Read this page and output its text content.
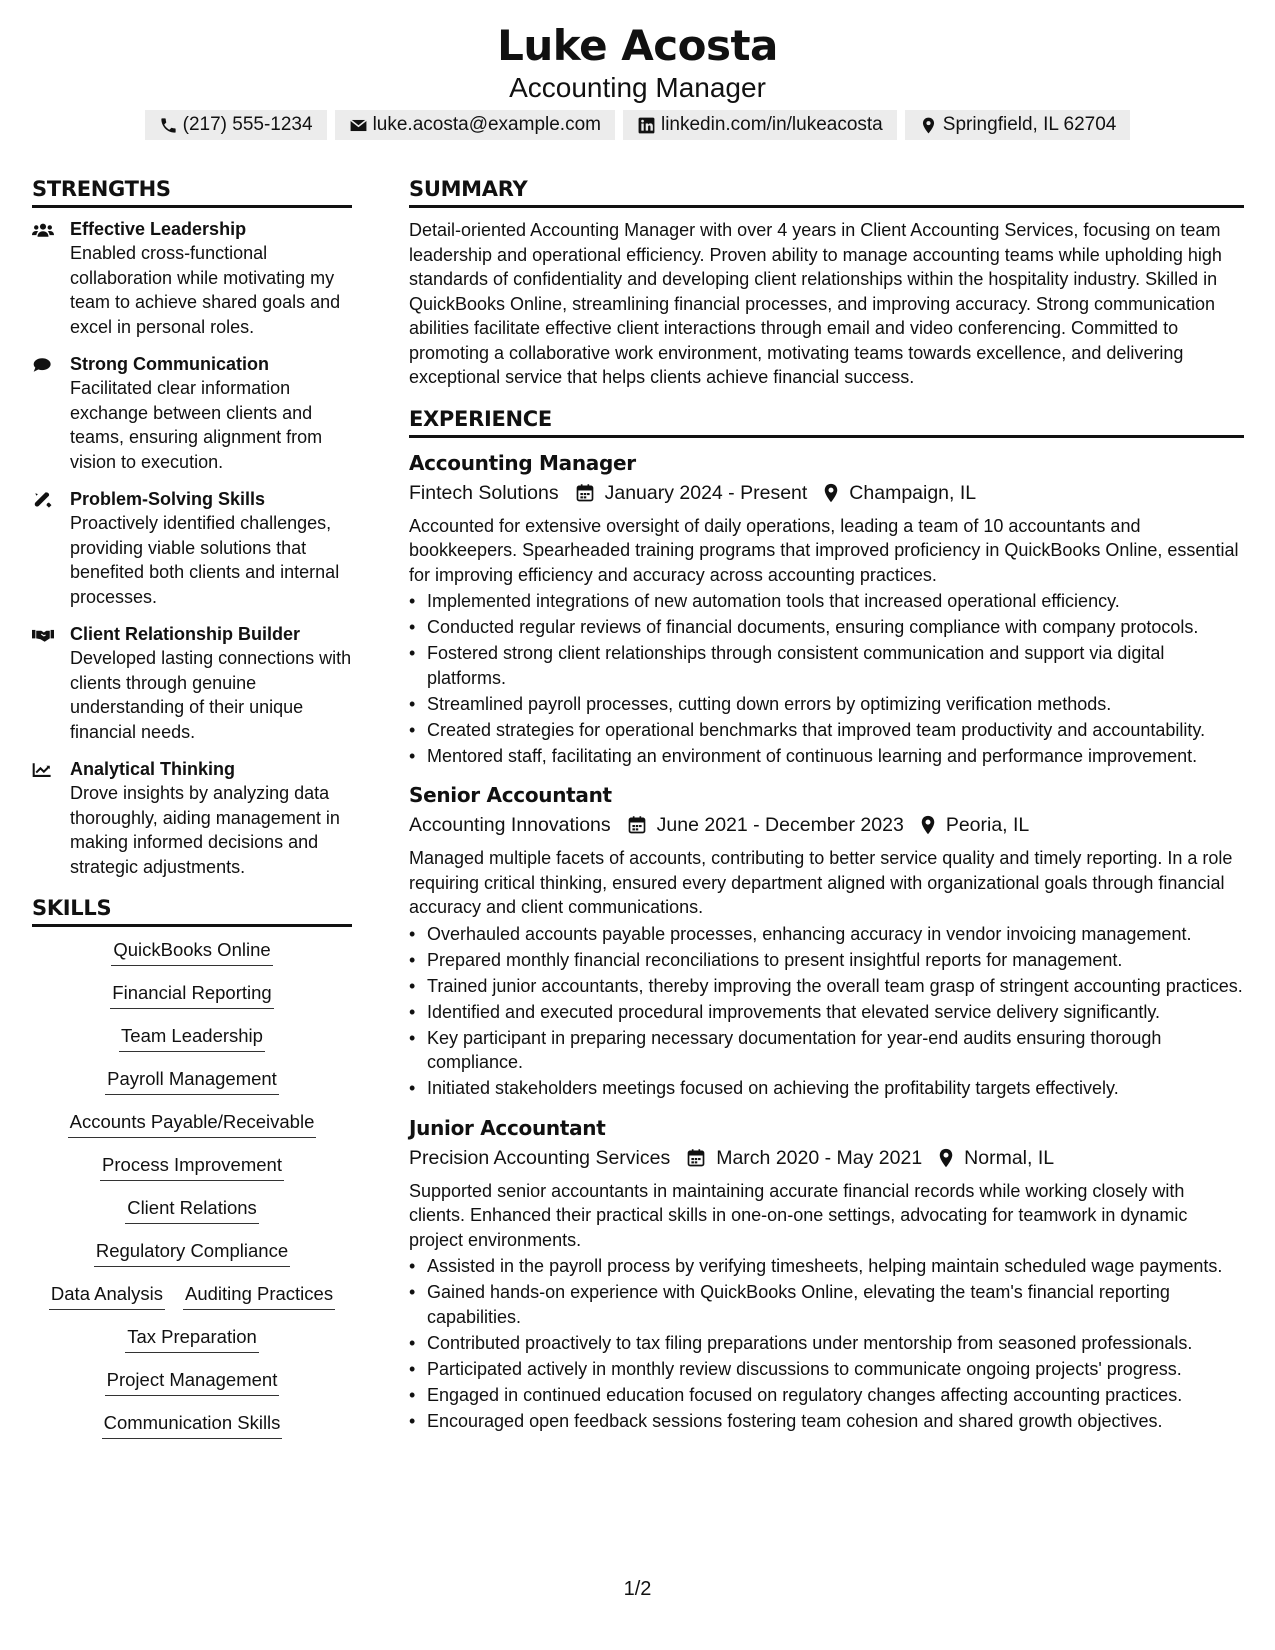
Luke Acosta
Accounting Manager
(217) 555-1234	luke.acosta@example.com	linkedin.com/in/lukeacosta	Springfield, IL 62704
STRENGTHS
Effective Leadership
Enabled cross-functional collaboration while motivating my team to achieve shared goals and excel in personal roles.
Strong Communication
Facilitated clear information exchange between clients and teams, ensuring alignment from vision to execution.
Problem-Solving Skills
Proactively identified challenges, providing viable solutions that benefited both clients and internal processes.
Client Relationship Builder
Developed lasting connections with clients through genuine understanding of their unique financial needs.
Analytical Thinking
Drove insights by analyzing data thoroughly, aiding management in making informed decisions and strategic adjustments.
SKILLS
QuickBooks Online
Financial Reporting
Team Leadership
Payroll Management
Accounts Payable/Receivable
Process Improvement
Client Relations
Regulatory Compliance
Data Analysis Auditing Practices
Tax Preparation
Project Management
Communication Skills
SUMMARY
Detail-oriented Accounting Manager with over 4 years in Client Accounting Services, focusing on team leadership and operational efficiency. Proven ability to manage accounting teams while upholding high standards of confidentiality and developing client relationships within the hospitality industry. Skilled in QuickBooks Online, streamlining financial processes, and improving accuracy. Strong communication abilities facilitate effective client interactions through email and video conferencing. Committed to promoting a collaborative work environment, motivating teams towards excellence, and delivering exceptional service that helps clients achieve financial success.
EXPERIENCE
Accounting Manager
Fintech Solutions January 2024 - Present Champaign, IL
Accounted for extensive oversight of daily operations, leading a team of 10 accountants and bookkeepers. Spearheaded training programs that improved proficiency in QuickBooks Online, essential for improving efficiency and accuracy across accounting practices.
• Implemented integrations of new automation tools that increased operational efficiency.
• Conducted regular reviews of financial documents, ensuring compliance with company protocols.
• Fostered strong client relationships through consistent communication and support via digital platforms.
• Streamlined payroll processes, cutting down errors by optimizing verification methods.
• Created strategies for operational benchmarks that improved team productivity and accountability.
• Mentored staff, facilitating an environment of continuous learning and performance improvement.
Senior Accountant
Accounting Innovations June 2021 - December 2023 Peoria, IL
Managed multiple facets of accounts, contributing to better service quality and timely reporting. In a role requiring critical thinking, ensured every department aligned with organizational goals through financial accuracy and client communications.
• Overhauled accounts payable processes, enhancing accuracy in vendor invoicing management.
• Prepared monthly financial reconciliations to present insightful reports for management.
• Trained junior accountants, thereby improving the overall team grasp of stringent accounting practices.
• Identified and executed procedural improvements that elevated service delivery significantly.
• Key participant in preparing necessary documentation for year-end audits ensuring thorough compliance.
• Initiated stakeholders meetings focused on achieving the profitability targets effectively.
Junior Accountant
Precision Accounting Services March 2020 - May 2021 Normal, IL
Supported senior accountants in maintaining accurate financial records while working closely with clients. Enhanced their practical skills in one-on-one settings, advocating for teamwork in dynamic project environments.
• Assisted in the payroll process by verifying timesheets, helping maintain scheduled wage payments.
• Gained hands-on experience with QuickBooks Online, elevating the team's financial reporting capabilities.
• Contributed proactively to tax filing preparations under mentorship from seasoned professionals.
• Participated actively in monthly review discussions to communicate ongoing projects' progress.
• Engaged in continued education focused on regulatory changes affecting accounting practices.
• Encouraged open feedback sessions fostering team cohesion and shared growth objectives.
1/2
